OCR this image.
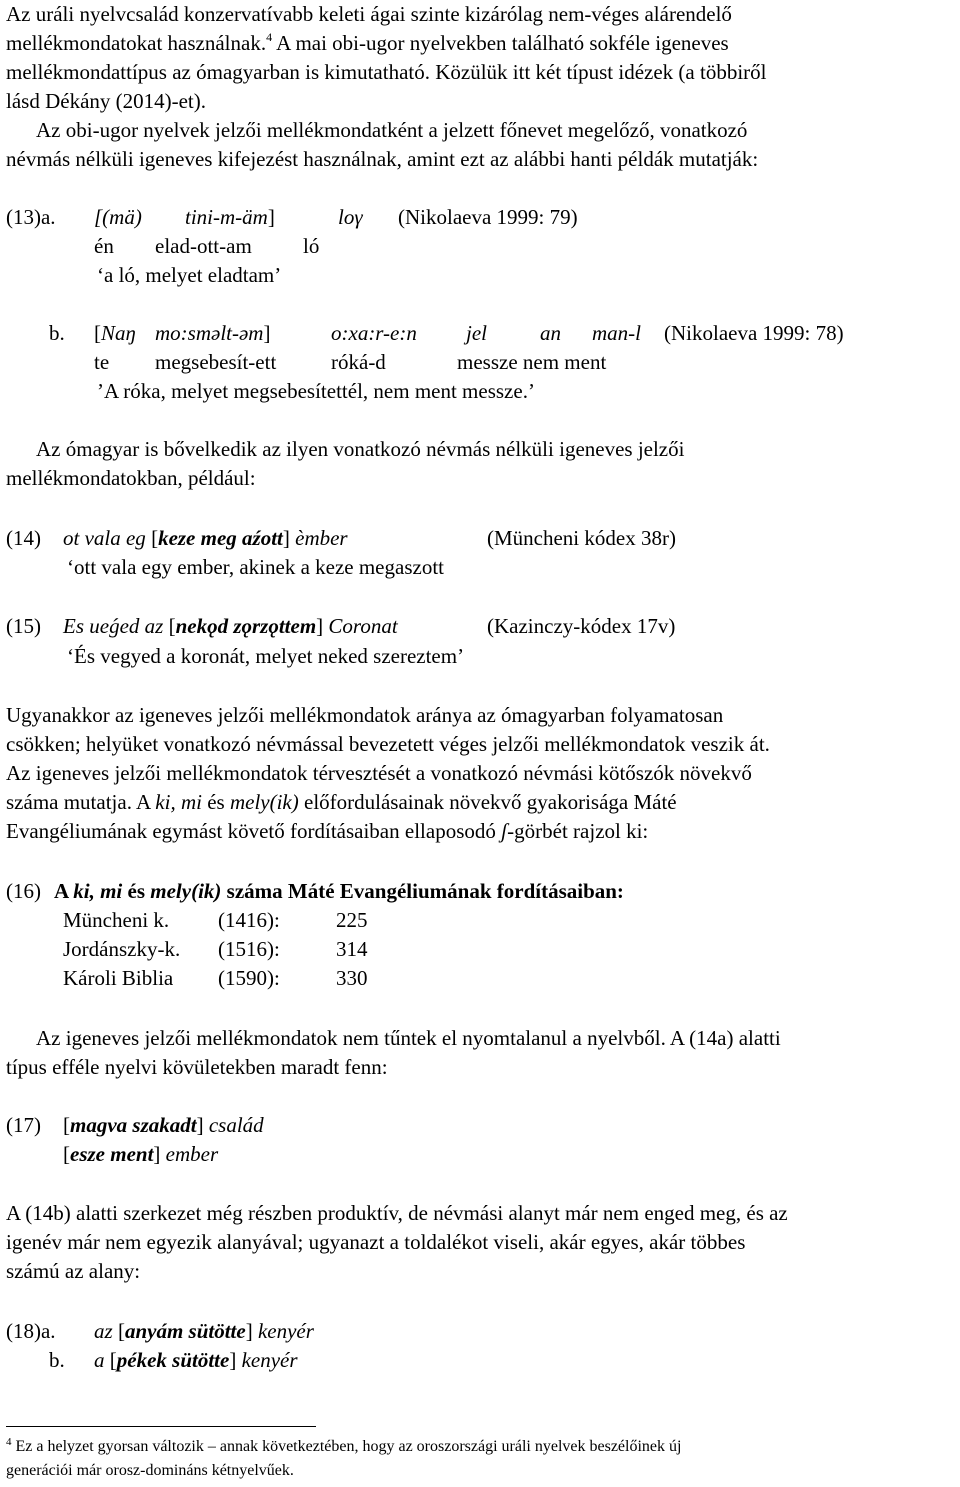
Az uráli nyelvcsalád konzervatívabb keleti ágai szinte kizárólag nem-véges alárendelő
mellékmondatokat használnak.$^4$ A mai obi-ugor nyelvekben található sokféle igeneves
mellékmondattípus az ómagyarban is kimutatható. Közülük itt két típust idézek (a többiről
lásd Dékány (2014)-et).
Az obi-ugor nyelvek jelzői mellékmondatként a jelzett főnevet megelőző, vonatkozó
névmás nélküli igeneves kifejezést használnak, amint ezt az alábbi hanti példák mutatják:
(13)a. [(mä) tini-m-äm]	loγ (Nikolaeva 1999: 79)
én elad-ott-am ló
‘a ló, melyet eladtam’
b. [Naŋ mo:smǝlt-ǝm]	o:xa:r-e:n jel	an man-l (Nikolaeva 1999: 78)
te megsebesít-ett	róká-d	messze nem ment
’A róka, melyet megsebesítettél, nem ment messze.’
Az ómagyar is bővelkedik az ilyen vonatkozó névmás nélküli igeneves jelzői
mellékmondatokban, például:
(14) ot vala eg [keze meg aźott] èmber	(Müncheni kódex 38r)
‘ott vala egy ember, akinek a keze megaszott
(15) Es ueǵed az [nekǫd zǫrzǫttem] Coronat	(Kazinczy-kódex 17v)
‘És vegyed a koronát, melyet neked szereztem’
Ugyanakkor az igeneves jelzői mellékmondatok aránya az ómagyarban folyamatosan
csökken; helyüket vonatkozó névmással bevezetett véges jelzői mellékmondatok veszik át.
Az igeneves jelzői mellékmondatok térvesztését a vonatkozó névmási kötőszók növekvő
száma mutatja. A ki, mi és mely(ik) előfordulásainak növekvő gyakorisága Máté
Evangéliumának egymást követő fordításaiban ellaposodó ʃ-görbét rajzol ki:
(16) A ki, mi és mely(ik) száma Máté Evangéliumának fordításaiban:
Müncheni k. (1416):	225
Jordánszky-k. (1516):	314
Károli Biblia (1590):	330
Az igeneves jelzői mellékmondatok nem tűntek el nyomtalanul a nyelvből. A (14a) alatti
típus efféle nyelvi kövületekben maradt fenn:
(17) [magva szakadt] család
[esze ment] ember
A (14b) alatti szerkezet még részben produktív, de névmási alanyt már nem enged meg, és az
igenév már nem egyezik alanyával; ugyanazt a toldalékot viseli, akár egyes, akár többes
számú az alany:
(18)a. az [anyám sütötte] kenyér
b. a [pékek sütötte] kenyér
$^4$ Ez a helyzet gyorsan változik – annak következtében, hogy az oroszországi uráli nyelvek beszélőinek új
generációi már orosz-domináns kétnyelvűek.
